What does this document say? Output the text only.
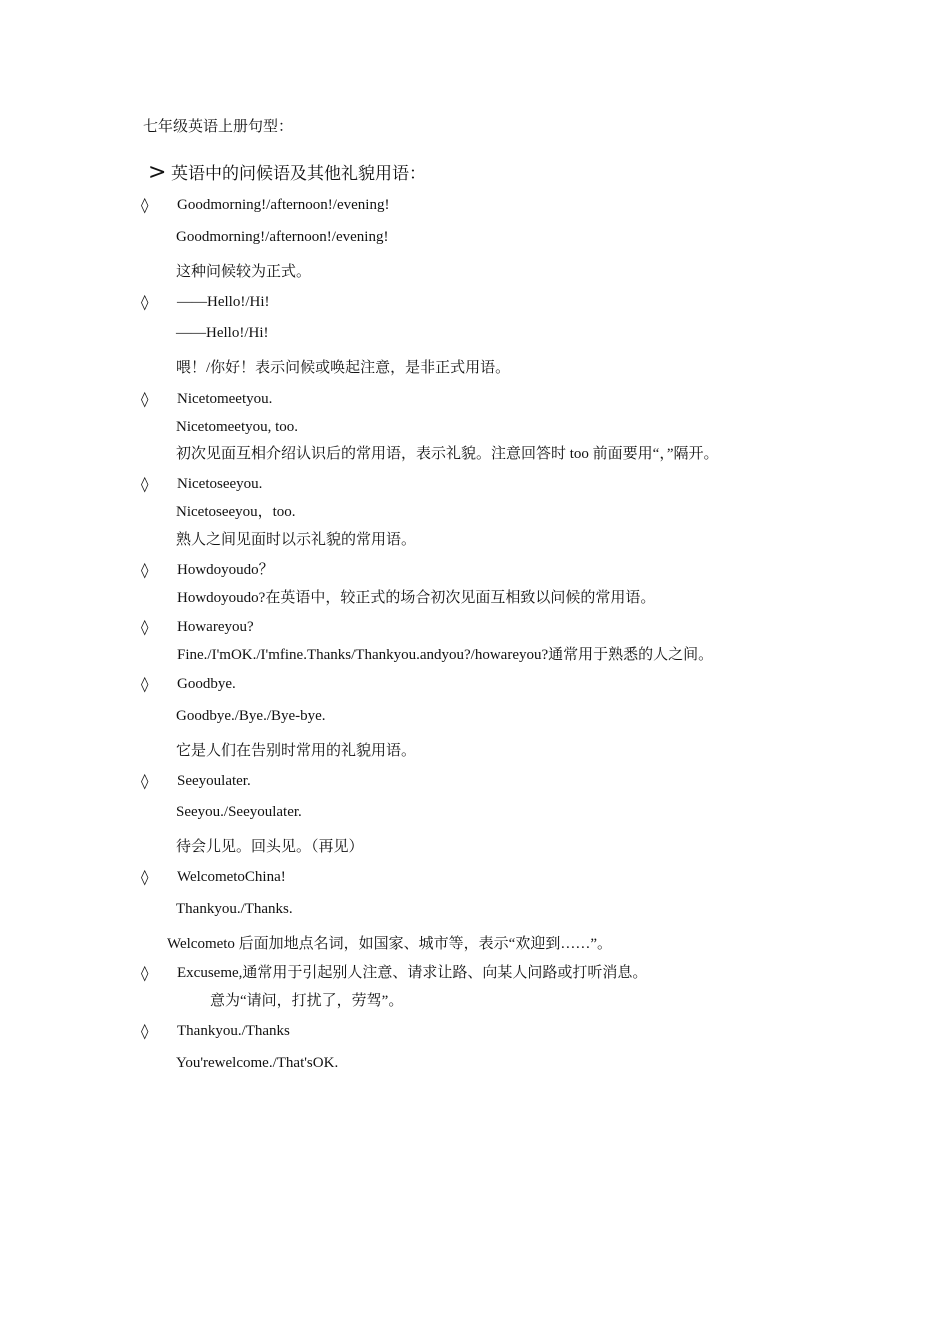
七年级英语上册句型：
> 英语中的问候语及其他礼貌用语：
◊ Goodmorning!/afternoon!/evening!
Goodmorning!/afternoon!/evening!
这种问候较为正式。
◊ ——Hello!/Hi!
——Hello!/Hi!
喂！/你好！表示问候或唤起注意，是非正式用语。
◊ Nicetomeetyou.
Nicetomeetyou, too.
初次见面互相介绍认识后的常用语，表示礼貌。注意回答时 too 前面要用“，”隔开。
◊ Nicetoseeyou.
Nicetoseeyou，too.
熟人之间见面时以示礼貌的常用语。
◊ Howdoyoudo？
Howdoyoudo?在英语中，较正式的场合初次见面互相致以问候的常用语。
◊ Howareyou?
Fine./I'mOK./I'mfine.Thanks/Thankyou.andyou?/howareyou?通常用于熟悉的人之间。
◊ Goodbye.
Goodbye./Bye./Bye-bye.
它是人们在告别时常用的礼貌用语。
◊ Seeyoulater.
Seeyou./Seeyoulater.
待会儿见。回头见。（再见）
◊ WelcometoChina!
Thankyou./Thanks.
Welcometo 后面加地点名词，如国家、城市等，表示“欢迎到……”。
◊ Excuseme,通常用于引起别人注意、请求让路、向某人问路或打听消息。
意为“请问，打扰了，劳驾”。
◊ Thankyou./Thanks
You'rewelcome./That'sOK.
